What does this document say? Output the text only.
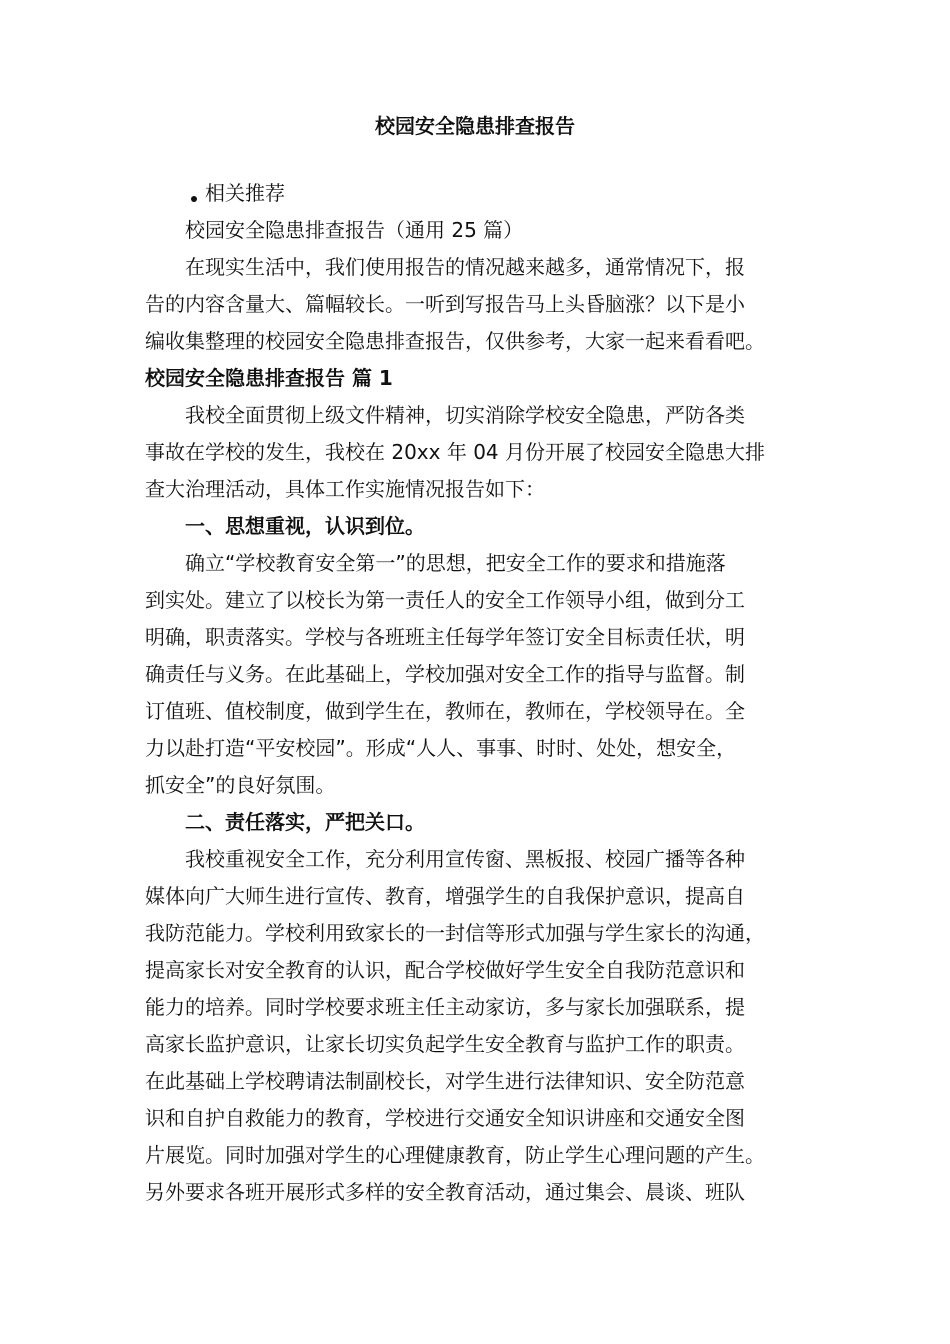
校园安全隐患排查报告

相关推荐

校园安全隐患排查报告（通用 25 篇）

在现实生活中，我们使用报告的情况越来越多，通常情况下，报

告的内容含量大、篇幅较长。一听到写报告马上头昏脑涨？以下是小

编收集整理的校园安全隐患排查报告，仅供参考，大家一起来看看吧。

校园安全隐患排查报告 篇 1

我校全面贯彻上级文件精神，切实消除学校安全隐患，严防各类

事故在学校的发生，我校在 20xx 年 04 月份开展了校园安全隐患大排

查大治理活动，具体工作实施情况报告如下：

一、思想重视，认识到位。

确立“学校教育安全第一”的思想，把安全工作的要求和措施落

到实处。建立了以校长为第一责任人的安全工作领导小组，做到分工

明确，职责落实。学校与各班班主任每学年签订安全目标责任状，明

确责任与义务。在此基础上，学校加强对安全工作的指导与监督。制

订值班、值校制度，做到学生在，教师在，教师在，学校领导在。全

力以赴打造“平安校园”。形成“人人、事事、时时、处处，想安全，

抓安全”的良好氛围。

二、责任落实，严把关口。

我校重视安全工作，充分利用宣传窗、黑板报、校园广播等各种

媒体向广大师生进行宣传、教育，增强学生的自我保护意识，提高自

我防范能力。学校利用致家长的一封信等形式加强与学生家长的沟通，

提高家长对安全教育的认识，配合学校做好学生安全自我防范意识和

能力的培养。同时学校要求班主任主动家访，多与家长加强联系，提

高家长监护意识，让家长切实负起学生安全教育与监护工作的职责。

在此基础上学校聘请法制副校长，对学生进行法律知识、安全防范意

识和自护自救能力的教育，学校进行交通安全知识讲座和交通安全图

片展览。同时加强对学生的心理健康教育，防止学生心理问题的产生。

另外要求各班开展形式多样的安全教育活动，通过集会、晨谈、班队
